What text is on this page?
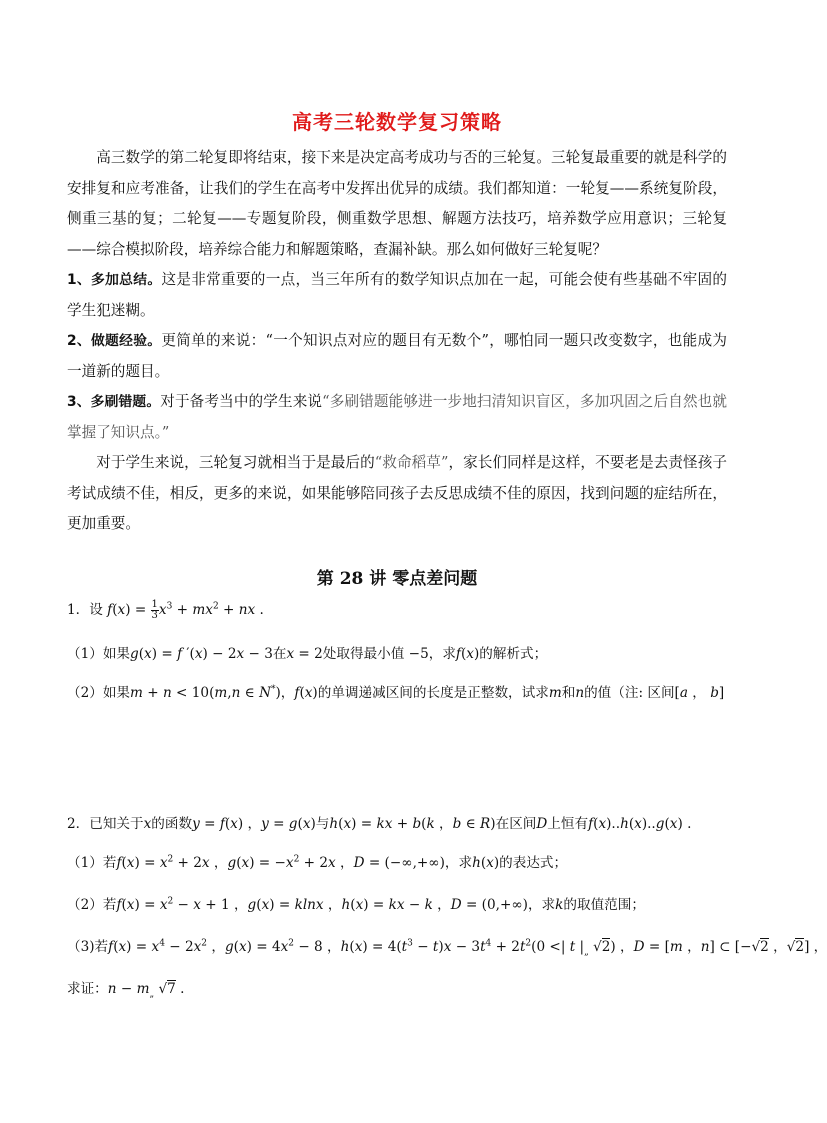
高考三轮数学复习策略

高三数学的第二轮复即将结束，接下来是决定高考成功与否的三轮复。三轮复最重要的就是科学的安排复和应考准备，让我们的学生在高考中发挥出优异的成绩。我们都知道：一轮复——系统复阶段，侧重三基的复；二轮复——专题复阶段，侧重数学思想、解题方法技巧，培养数学应用意识；三轮复——综合模拟阶段，培养综合能力和解题策略，查漏补缺。那么如何做好三轮复呢？

1、多加总结。这是非常重要的一点，当三年所有的数学知识点加在一起，可能会使有些基础不牢固的学生犯迷糊。

2、做题经验。更简单的来说：“一个知识点对应的题目有无数个”，哪怕同一题只改变数字，也能成为一道新的题目。

3、多刷错题。对于备考当中的学生来说“多刷错题能够进一步地扫清知识盲区，多加巩固之后自然也就掌握了知识点。”

对于学生来说，三轮复习就相当于是最后的“救命稻草”，家长们同样是这样，不要老是去责怪孩子考试成绩不佳，相反，更多的来说，如果能够陪同孩子去反思成绩不佳的原因，找到问题的症结所在，更加重要。

第 28 讲 零点差问题
1．设 $f(x) = \frac{1}{3} x^3 + mx^2$ + nx .
（1）如果g(x) = f ′(x) − 2x − 3在x = 2处取得最小值 −5，求f(x)的解析式；
（2）如果m + n < 10(m,n ∈ N*)，f(x)的单调递减区间的长度是正整数，试求m和n的值（注: 区间[a ， b]
2．已知关于x的函数y = f(x) ，y = g(x)与h(x) = kx + b(k ，b ∈ R)在区间D上恒有f(x)..h(x)..g(x) .
（1）若$f(x) = x^2 + 2x$ ，$g(x) = -x^2 + 2x$ ，D = (−∞,+∞)，求h(x)的表达式；
（2）若$f(x) = x^2 - x + 1$ ，g(x) = klnx ，h(x) = kx − k ，D = (0,+∞)，求k的取值范围；
（3)若$f(x) = x^4 - 2x^2$ ，$g(x) = 4x^2 - 8$ ，$h(x) = 4(t^3 - t)x - 3t^4 + 2t^2(0$ <| t $|_„$ √2) ，D = [m ，n] ⊂ [−√2 ，√2] ，
求证：$n - m_„$ √7 .
